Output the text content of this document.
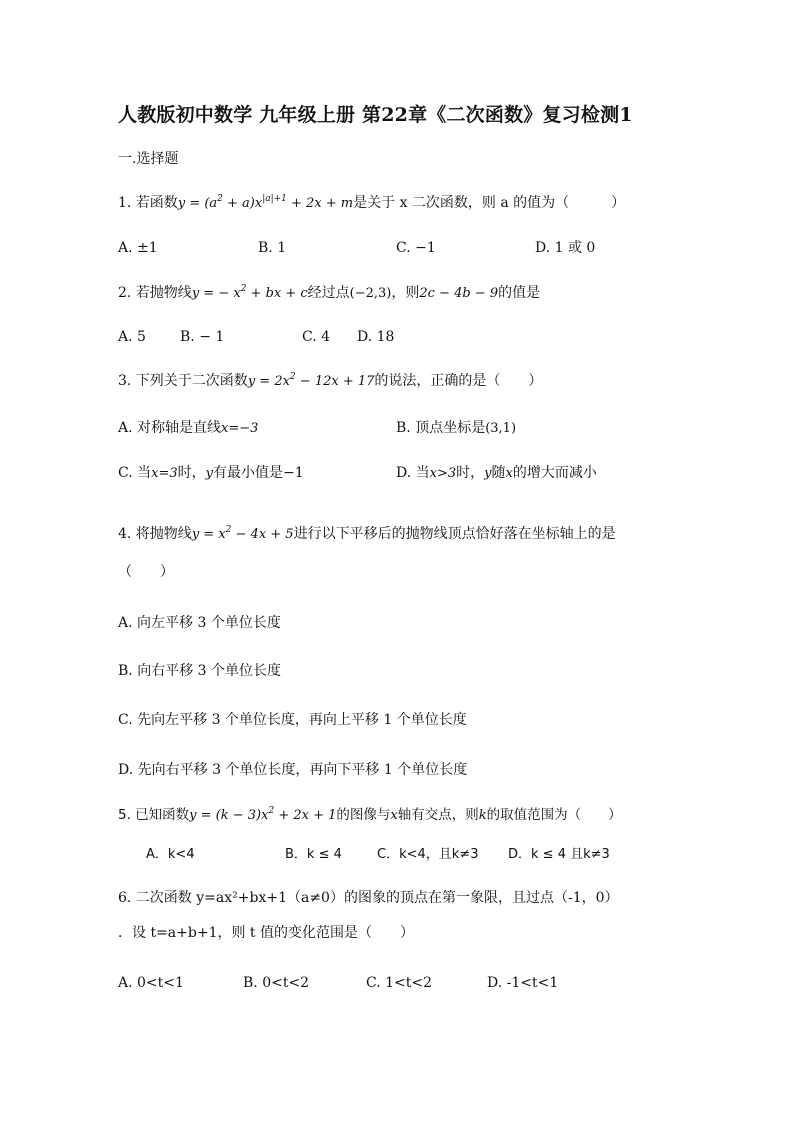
人教版初中数学 九年级上册 第22章《二次函数》复习检测1
一.选择题
1. 若函数$y = (a^2 + a)x^{|a|+1} + 2x + m$是关于 x 二次函数，则 a 的值为（　　　）
A. ±1	B. 1	C. −1	D. 1 或 0
2. 若抛物线y = − $x^2$ + bx + c经过点(−2,3)，则2c − 4b − 9的值是
A. 5 B. − 1	C. 4 D. 18
3. 下列关于二次函数$y = 2x^2 - 12x + 17$的说法，正确的是（　　）
A. 对称轴是直线x=−3	B. 顶点坐标是(3,1)
C. 当x=3时，y有最小值是−1	D. 当x>3时，y随x的增大而减小
4. 将抛物线$y = x^2 - 4x + 5$进行以下平移后的抛物线顶点恰好落在坐标轴上的是
（　　）
A. 向左平移 3 个单位长度
B. 向右平移 3 个单位长度
C. 先向左平移 3 个单位长度，再向上平移 1 个单位长度
D. 先向右平移 3 个单位长度，再向下平移 1 个单位长度
5. 已知函数$y = (k - 3)x^2 + 2x + 1$的图像与x轴有交点，则k的取值范围为（　　）
A．k<4	B．k ≤ 4	C．k<4，且k≠3 D．k ≤ 4 且k≠3
6. 二次函数 y=ax²+bx+1（a≠0）的图象的顶点在第一象限，且过点（-1，0）
．设 t=a+b+1，则 t 值的变化范围是（　　）
A. 0<t<1	B. 0<t<2	C. 1<t<2	D. -1<t<1
